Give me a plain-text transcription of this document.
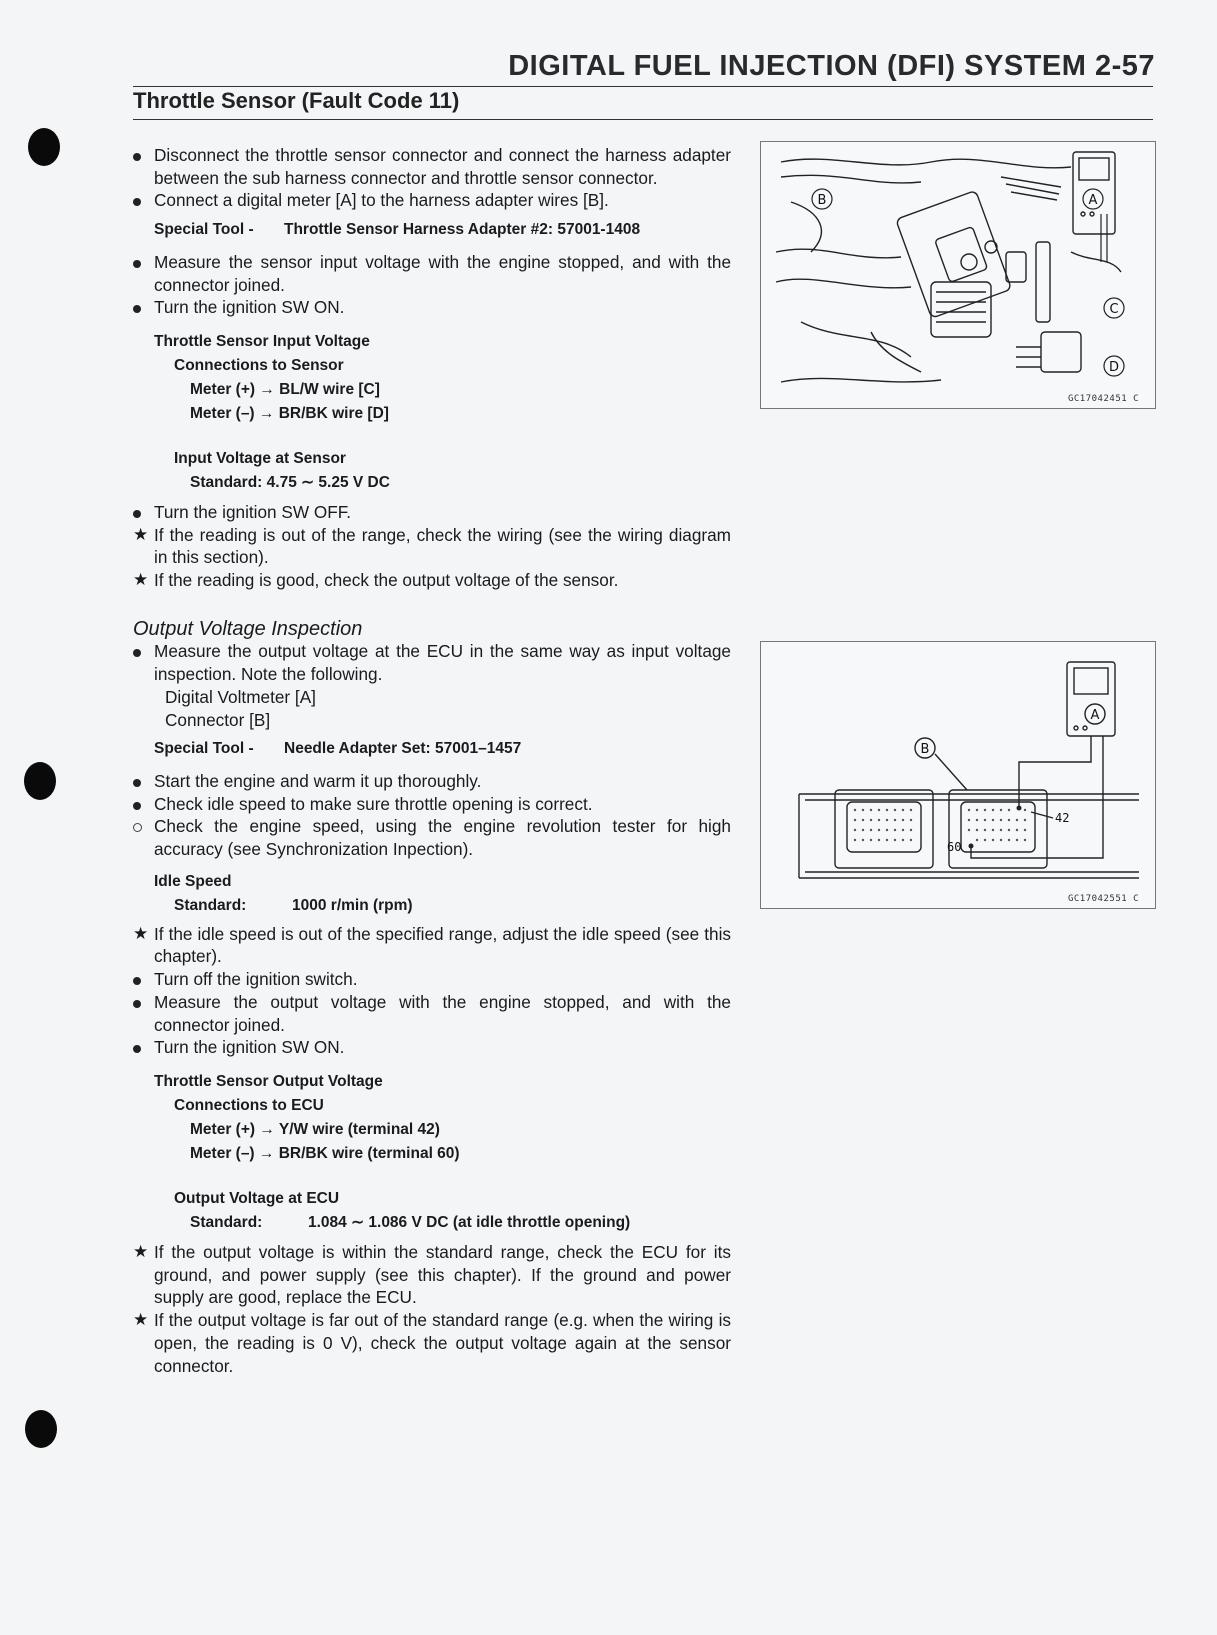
DIGITAL FUEL INJECTION (DFI) SYSTEM 2-57
Throttle Sensor (Fault Code 11)

Disconnect the throttle sensor connector and connect the harness adapter between the sub harness connector and throttle sensor connector.

Connect a digital meter [A] to the harness adapter wires [B].

Special Tool - Throttle Sensor Harness Adapter #2: 57001-1408

Measure the sensor input voltage with the engine stopped, and with the connector joined.

Turn the ignition SW ON.

Throttle Sensor Input Voltage
Connections to Sensor
Meter (+) → BL/W wire [C]
Meter (–) → BR/BK wire [D]
Input Voltage at Sensor
Standard: 4.75 ∼ 5.25 V DC

Turn the ignition SW OFF.

★ If the reading is out of the range, check the wiring (see the wiring diagram in this section).

★ If the reading is good, check the output voltage of the sensor.

Output Voltage Inspection

Measure the output voltage at the ECU in the same way as input voltage inspection. Note the following.

Digital Voltmeter [A]
Connector [B]
Special Tool - Needle Adapter Set: 57001–1457

Start the engine and warm it up thoroughly.

Check idle speed to make sure throttle opening is correct.

Check the engine speed, using the engine revolution tester for high accuracy (see Synchronization Inpection).

Idle Speed
Standard:	1000 r/min (rpm)

★ If the idle speed is out of the specified range, adjust the idle speed (see this chapter).

Turn off the ignition switch.

Measure the output voltage with the engine stopped, and with the connector joined.

Turn the ignition SW ON.

Throttle Sensor Output Voltage
Connections to ECU
Meter (+) → Y/W wire (terminal 42)
Meter (–) → BR/BK wire (terminal 60)
Output Voltage at ECU
Standard:	1.084 ∼ 1.086 V DC (at idle throttle opening)

★ If the output voltage is within the standard range, check the ECU for its ground, and power supply (see this chapter). If the ground and power supply are good, replace the ECU.

★ If the output voltage is far out of the standard range (e.g. when the wiring is open, the reading is 0 V), check the output voltage again at the sensor connector.

A
B
C
D
GC17042451 C
A
B
42
60
GC17042551 C
